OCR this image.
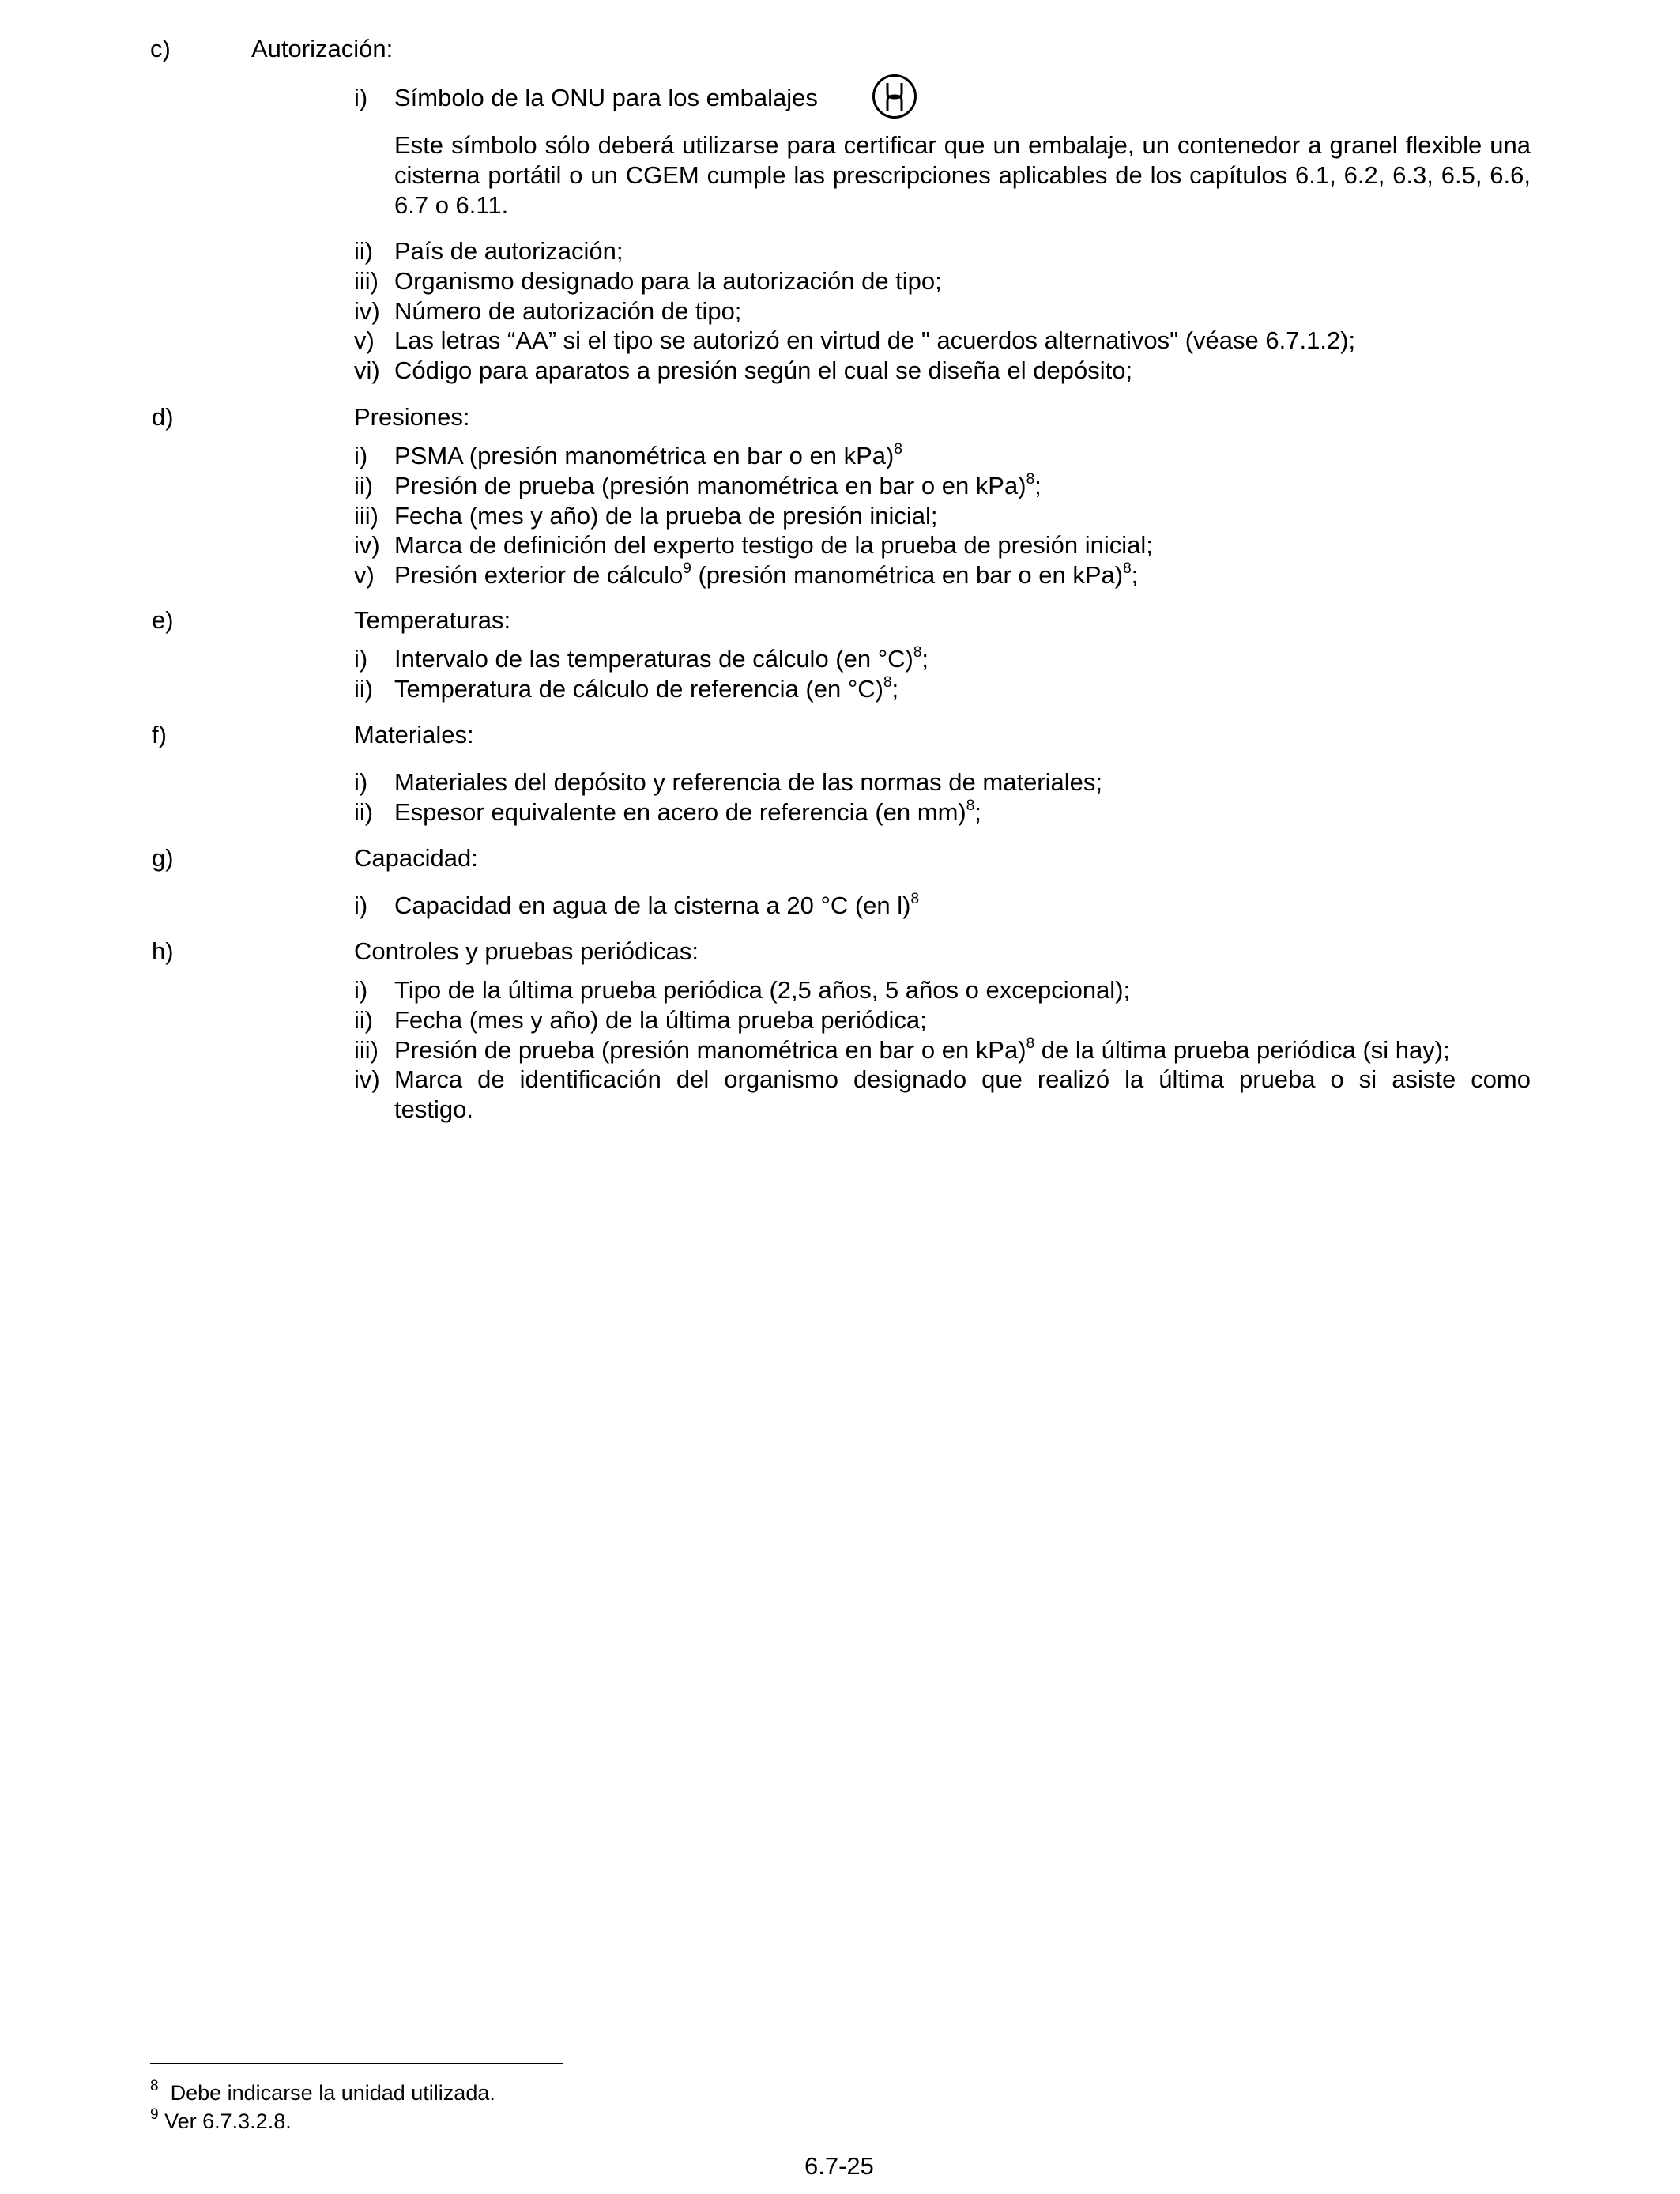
c)	Autorización:
i) Símbolo de la ONU para los embalajes
Este símbolo sólo deberá utilizarse para certificar que un embalaje, un contenedor a granel flexible una cisterna portátil o un CGEM cumple las prescripciones aplicables de los capítulos 6.1, 6.2, 6.3, 6.5, 6.6, 6.7 o 6.11.
ii) País de autorización;
iii) Organismo designado para la autorización de tipo;
iv) Número de autorización de tipo;
v) Las letras “AA” si el tipo se autorizó en virtud de " acuerdos alternativos" (véase 6.7.1.2);
vi) Código para aparatos a presión según el cual se diseña el depósito;
d)	Presiones:
i) PSMA (presión manométrica en bar o en kPa)$^8$
ii) Presión de prueba (presión manométrica en bar o en kPa)$^8$;
iii) Fecha (mes y año) de la prueba de presión inicial;
iv) Marca de definición del experto testigo de la prueba de presión inicial;
v) Presión exterior de cálculo$^9$ (presión manométrica en bar o en kPa)$^8$;
e)	Temperaturas:
i) Intervalo de las temperaturas de cálculo (en °C)$^8$;
ii) Temperatura de cálculo de referencia (en °C)$^8$;
f)	Materiales:
i) Materiales del depósito y referencia de las normas de materiales;
ii) Espesor equivalente en acero de referencia (en mm)$^8$;
g)	Capacidad:
i) Capacidad en agua de la cisterna a 20 °C (en l)$^8$
h)	Controles y pruebas periódicas:
i) Tipo de la última prueba periódica (2,5 años, 5 años o excepcional);
ii) Fecha (mes y año) de la última prueba periódica;
iii) Presión de prueba (presión manométrica en bar o en kPa)$^8$ de la última prueba periódica (si hay);
iv) Marca de identificación del organismo designado que realizó la última prueba o si asiste como
testigo.
$^8$ Debe indicarse la unidad utilizada.
$^9$ Ver 6.7.3.2.8.
6.7-25
